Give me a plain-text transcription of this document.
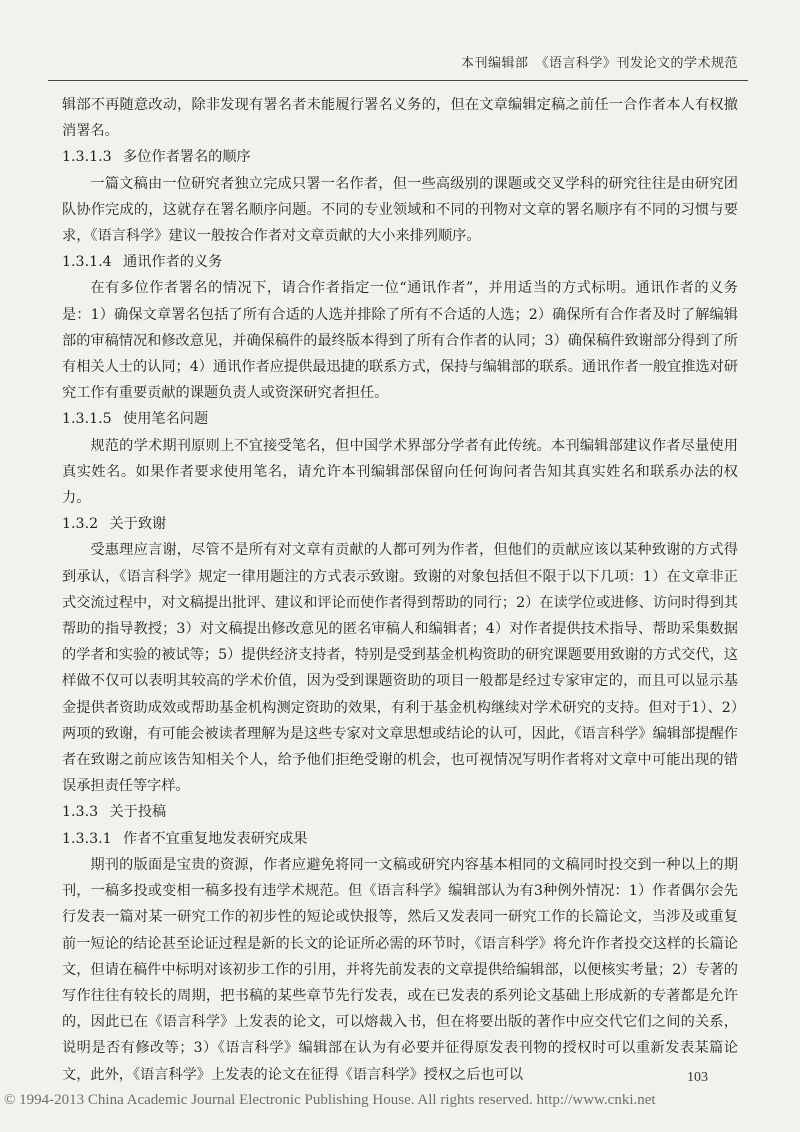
本刊编辑部　《语言科学》刊发论文的学术规范

辑部不再随意改动，除非发现有署名者未能履行署名义务的，但在文章编辑定稿之前任一合作者本人有权撤消署名。

1.3.1.3 多位作者署名的顺序

一篇文稿由一位研究者独立完成只署一名作者，但一些高级别的课题或交叉学科的研究往往是由研究团队协作完成的，这就存在署名顺序问题。不同的专业领域和不同的刊物对文章的署名顺序有不同的习惯与要求，《语言科学》建议一般按合作者对文章贡献的大小来排列顺序。

1.3.1.4 通讯作者的义务

在有多位作者署名的情况下，请合作者指定一位“通讯作者”，并用适当的方式标明。通讯作者的义务是：1）确保文章署名包括了所有合适的人选并排除了所有不合适的人选；2）确保所有合作者及时了解编辑部的审稿情况和修改意见，并确保稿件的最终版本得到了所有合作者的认同；3）确保稿件致谢部分得到了所有相关人士的认同；4）通讯作者应提供最迅捷的联系方式，保持与编辑部的联系。通讯作者一般宜推选对研究工作有重要贡献的课题负责人或资深研究者担任。

1.3.1.5 使用笔名问题

规范的学术期刊原则上不宜接受笔名，但中国学术界部分学者有此传统。本刊编辑部建议作者尽量使用真实姓名。如果作者要求使用笔名，请允许本刊编辑部保留向任何询问者告知其真实姓名和联系办法的权力。

1.3.2 关于致谢

受惠理应言谢，尽管不是所有对文章有贡献的人都可列为作者，但他们的贡献应该以某种致谢的方式得到承认，《语言科学》规定一律用题注的方式表示致谢。致谢的对象包括但不限于以下几项：1）在文章非正式交流过程中，对文稿提出批评、建议和评论而使作者得到帮助的同行；2）在读学位或进修、访问时得到其帮助的指导教授；3）对文稿提出修改意见的匿名审稿人和编辑者；4）对作者提供技术指导、帮助采集数据的学者和实验的被试等；5）提供经济支持者，特别是受到基金机构资助的研究课题要用致谢的方式交代，这样做不仅可以表明其较高的学术价值，因为受到课题资助的项目一般都是经过专家审定的，而且可以显示基金提供者资助成效或帮助基金机构测定资助的效果，有利于基金机构继续对学术研究的支持。但对于1）、2）两项的致谢，有可能会被读者理解为是这些专家对文章思想或结论的认可，因此，《语言科学》编辑部提醒作者在致谢之前应该告知相关个人，给予他们拒绝受谢的机会，也可视情况写明作者将对文章中可能出现的错误承担责任等字样。

1.3.3 关于投稿

1.3.3.1 作者不宜重复地发表研究成果

期刊的版面是宝贵的资源，作者应避免将同一文稿或研究内容基本相同的文稿同时投交到一种以上的期刊，一稿多投或变相一稿多投有违学术规范。但《语言科学》编辑部认为有3种例外情况：1）作者偶尔会先行发表一篇对某一研究工作的初步性的短论或快报等，然后又发表同一研究工作的长篇论文，当涉及或重复前一短论的结论甚至论证过程是新的长文的论证所必需的环节时，《语言科学》将允许作者投交这样的长篇论文，但请在稿件中标明对该初步工作的引用，并将先前发表的文章提供给编辑部，以便核实考量；2）专著的写作往往有较长的周期，把书稿的某些章节先行发表，或在已发表的系列论文基础上形成新的专著都是允许的，因此已在《语言科学》上发表的论文，可以熔裁入书，但在将要出版的著作中应交代它们之间的关系，说明是否有修改等；3）《语言科学》编辑部在认为有必要并征得原发表刊物的授权时可以重新发表某篇论文，此外，《语言科学》上发表的论文在征得《语言科学》授权之后也可以	103
© 1994-2013 China Academic Journal Electronic Publishing House. All rights reserved. http://www.cnki.net
